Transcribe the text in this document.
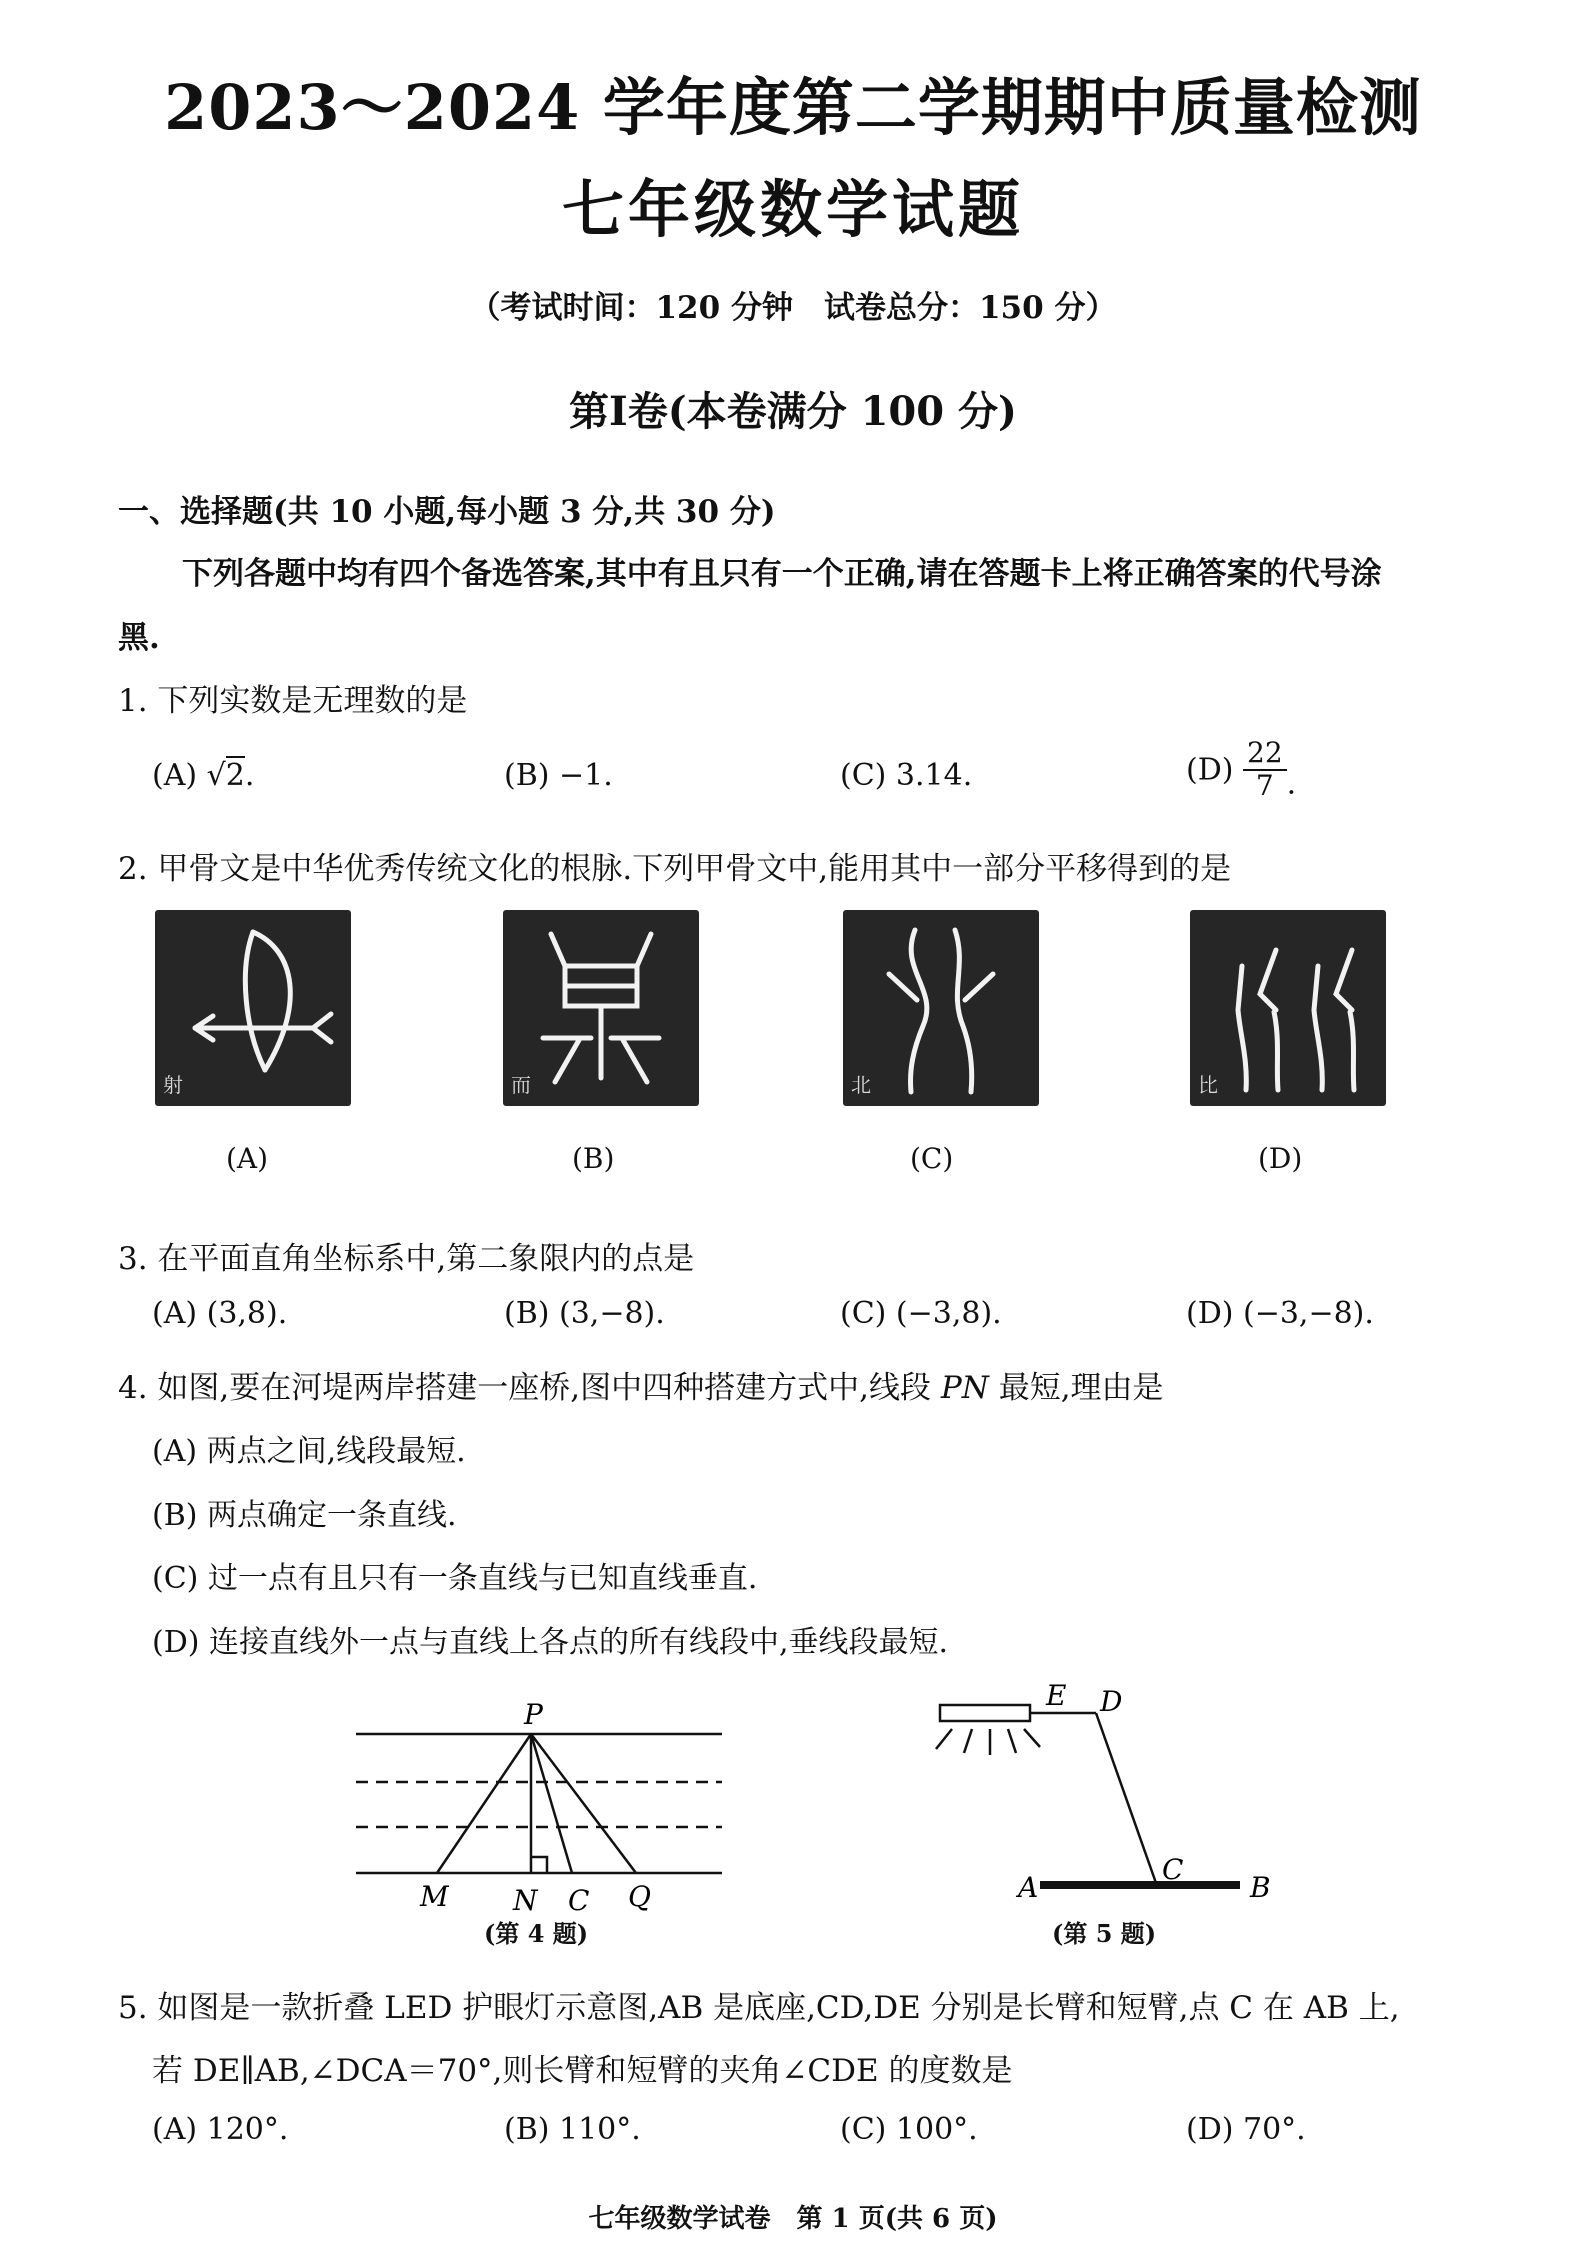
2023～2024 学年度第二学期期中质量检测
七年级数学试题
（考试时间：120 分钟　试卷总分：150 分）
第Ⅰ卷(本卷满分 100 分)
一、选择题(共 10 小题,每小题 3 分,共 30 分)
下列各题中均有四个备选答案,其中有且只有一个正确,请在答题卡上将正确答案的代号涂
黑.
1. 下列实数是无理数的是
(A) √2.	(B) −1.	(C) 3.14.	$(D) \frac{22}{7}$ .
2. 甲骨文是中华优秀传统文化的根脉.下列甲骨文中,能用其中一部分平移得到的是
射	而	北	比
(A)	(B)	(C)	(D)
3. 在平面直角坐标系中,第二象限内的点是
(A) (3,8).	(B) (3,−8).	(C) (−3,8).	(D) (−3,−8).
4. 如图,要在河堤两岸搭建一座桥,图中四种搭建方式中,线段 PN 最短,理由是
(A) 两点之间,线段最短.
(B) 两点确定一条直线.
(C) 过一点有且只有一条直线与已知直线垂直.
(D) 连接直线外一点与直线上各点的所有线段中,垂线段最短.
P
M N C Q
(第 4 题)
E D
C
A	B
(第 5 题)
5. 如图是一款折叠 LED 护眼灯示意图,AB 是底座,CD,DE 分别是长臂和短臂,点 C 在 AB 上,
若 DE∥AB,∠DCA＝70°,则长臂和短臂的夹角∠CDE 的度数是
(A) 120°.	(B) 110°.	(C) 100°.	(D) 70°.
七年级数学试卷　第 1 页(共 6 页)
